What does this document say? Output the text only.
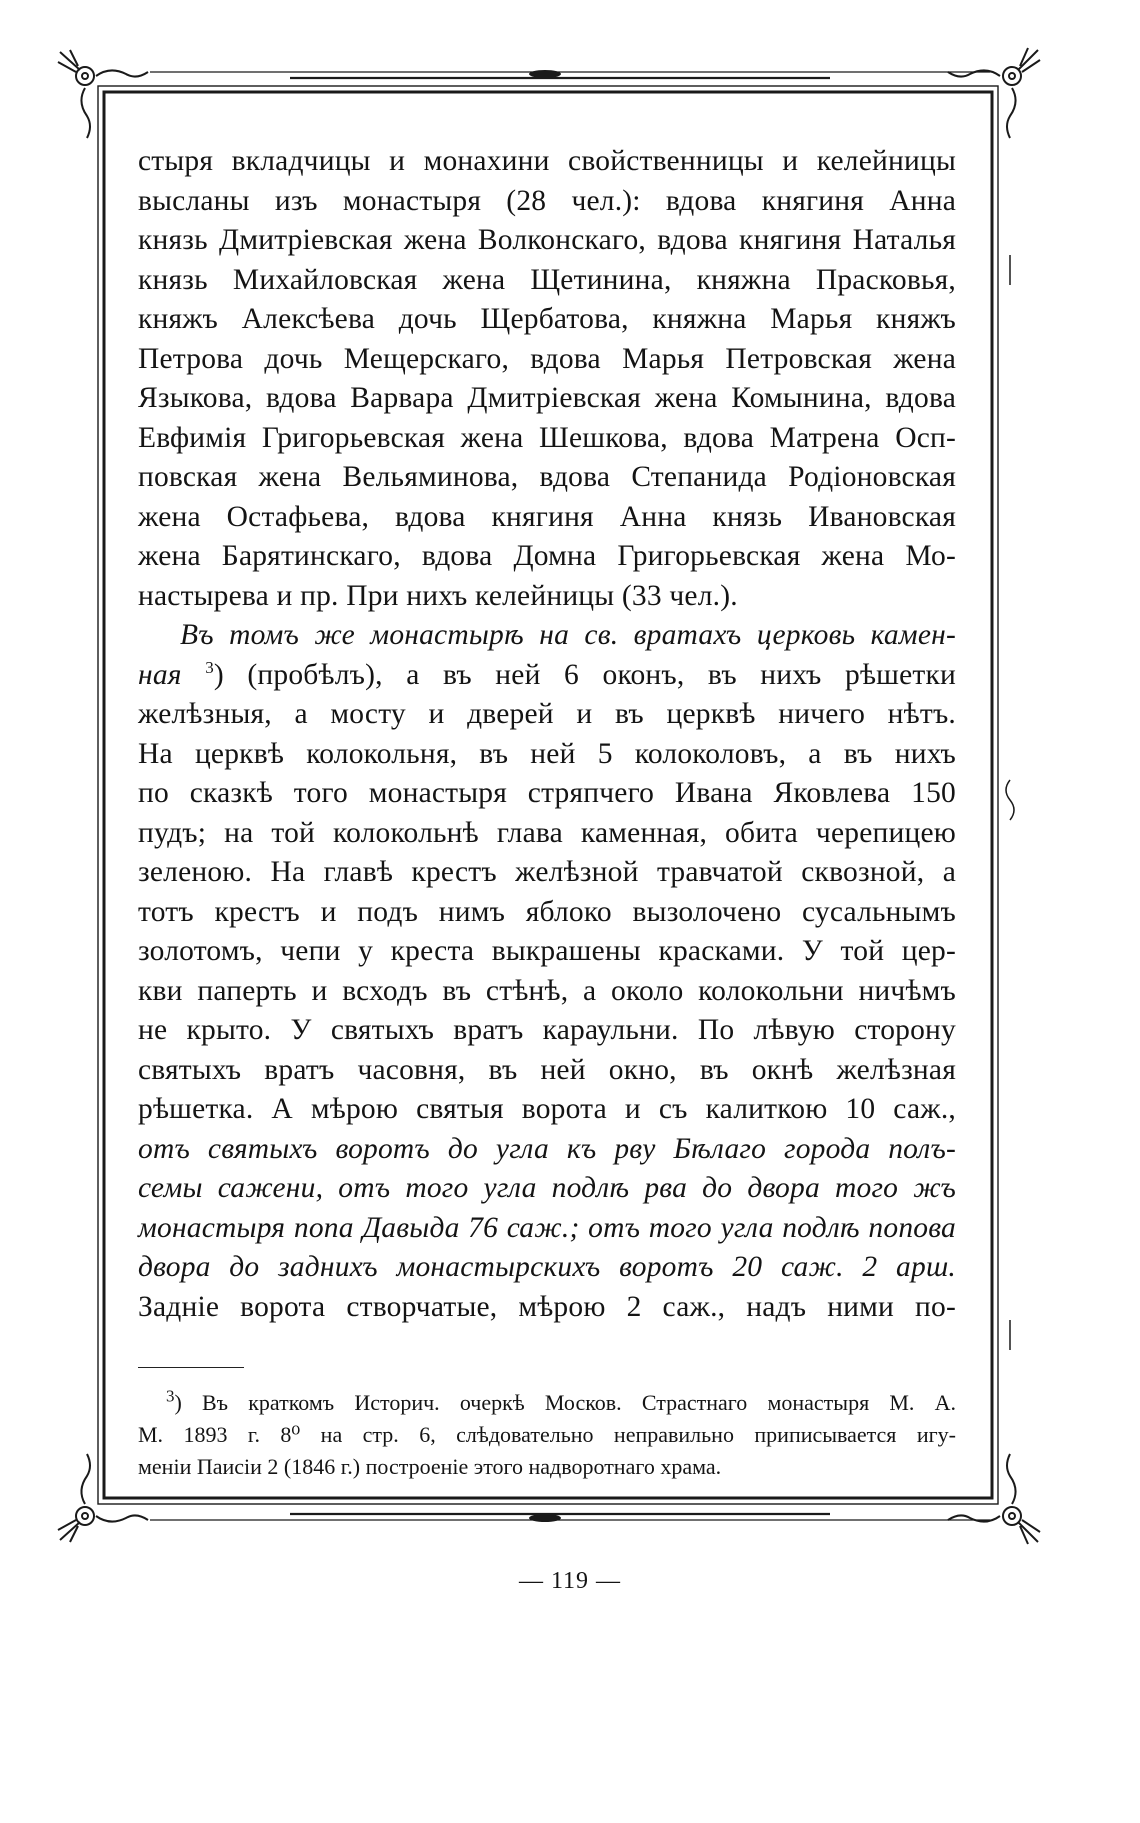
стыря вкладчицы и монахини свойственницы и келейницы
высланы изъ монастыря (28 чел.): вдова княгиня Анна
князь Дмитріевская жена Волконскаго, вдова княгиня Наталья
князь Михайловская жена Щетинина, княжна Прасковья,
княжъ Алексѣева дочь Щербатова, княжна Марья княжъ
Петрова дочь Мещерскаго, вдова Марья Петровская жена
Языкова, вдова Варвара Дмитріевская жена Комынина, вдова
Евфимія Григорьевская жена Шешкова, вдова Матрена Осп-
повская жена Вельяминова, вдова Степанида Родіоновская
жена Остафьева, вдова княгиня Анна князь Ивановская
жена Барятинскаго, вдова Домна Григорьевская жена Мо-
настырева и пр. При нихъ келейницы (33 чел.).
Въ томъ же монастырѣ на св. вратахъ церковь камен-
ная $^3$) (пробѣлъ), а въ ней 6 оконъ, въ нихъ рѣшетки
желѣзныя, а мосту и дверей и въ церквѣ ничего нѣтъ.
На церквѣ колокольня, въ ней 5 колоколовъ, а въ нихъ
по сказкѣ того монастыря стряпчего Ивана Яковлева 150
пудъ; на той колокольнѣ глава каменная, обита черепицею
зеленою. На главѣ крестъ желѣзной травчатой сквозной, а
тотъ крестъ и подъ нимъ яблоко вызолочено сусальнымъ
золотомъ, чепи у креста выкрашены красками. У той цер-
кви паперть и всходъ въ стѣнѣ, а около колокольни ничѣмъ
не крыто. У святыхъ вратъ караульни. По лѣвую сторону
святыхъ вратъ часовня, въ ней окно, въ окнѣ желѣзная
рѣшетка. А мѣрою святыя ворота и съ калиткою 10 саж.,
отъ святыхъ воротъ до угла къ рву Бѣлаго города полъ-
семы сажени, отъ того угла подлѣ рва до двора того жъ
монастыря попа Давыда 76 саж.; отъ того угла подлѣ попова
двора до заднихъ монастырскихъ воротъ 20 саж. 2 арш.
Задніе ворота створчатые, мѣрою 2 саж., надъ ними по-
$^3$) Въ краткомъ Историч. очеркѣ Москов. Страстнаго монастыря М. А.
М. 1893 г. 8⁰ на стр. 6, слѣдовательно неправильно приписывается игу-
меніи Паисіи 2 (1846 г.) построеніе этого надворотнаго храма.
— 119 —
